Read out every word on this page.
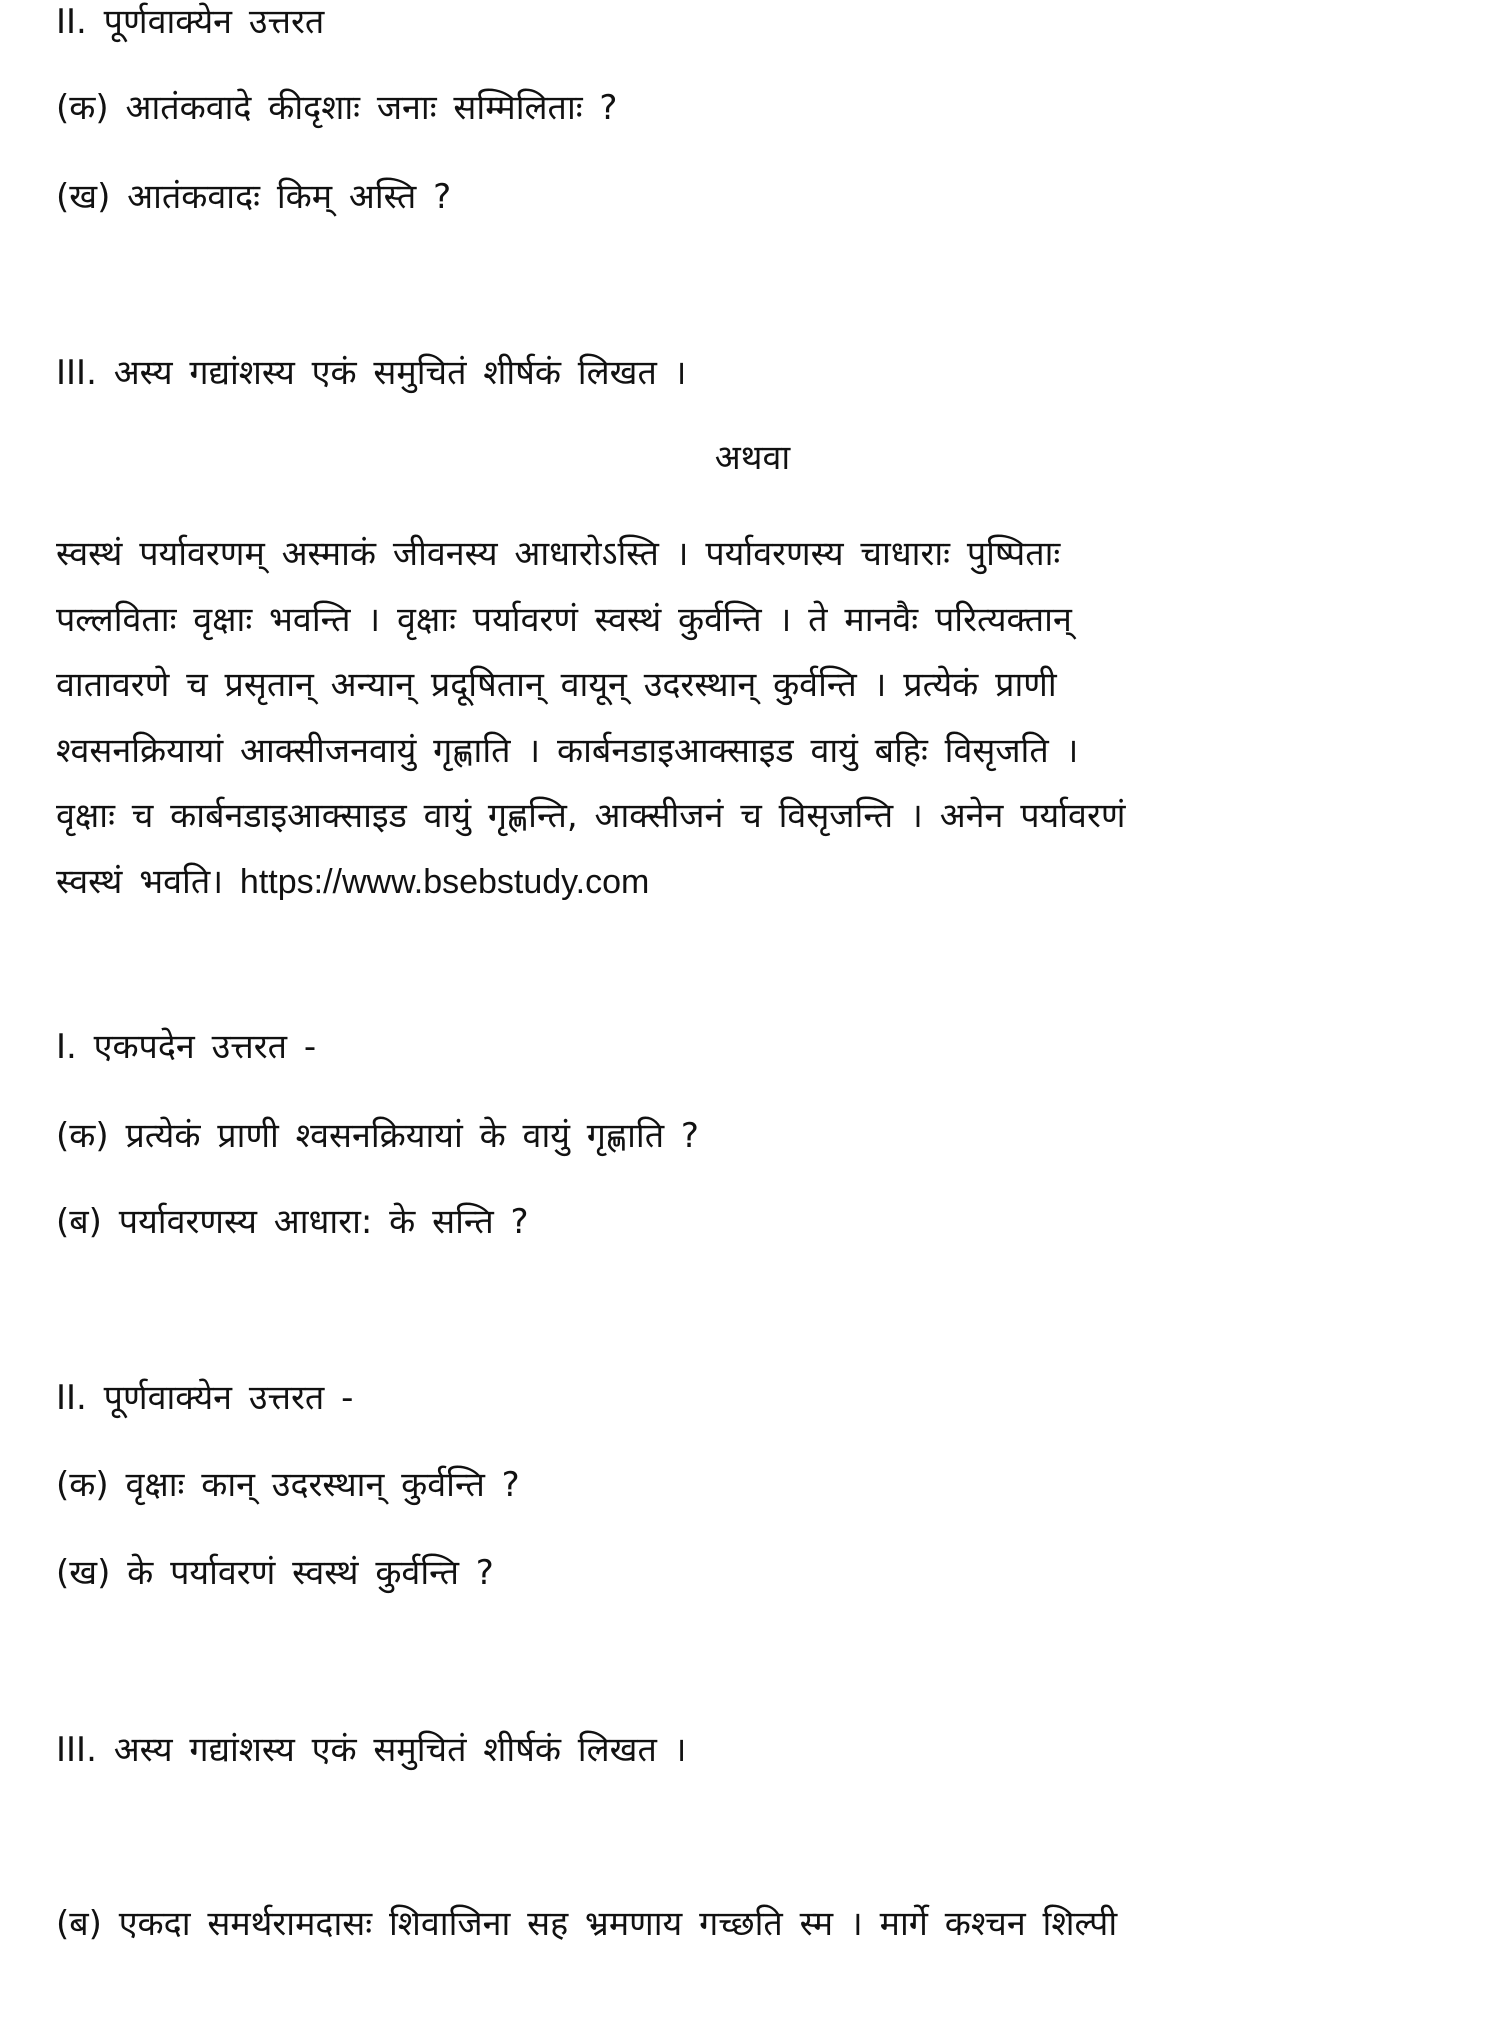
II. पूर्णवाक्येन उत्तरत
(क) आतंकवादे कीदृशाः जनाः सम्मिलिताः ?
(ख) आतंकवादः किम् अस्ति ?
III. अस्य गद्यांशस्य एकं समुचितं शीर्षकं लिखत ।
अथवा
स्वस्थं पर्यावरणम् अस्माकं जीवनस्य आधारोऽस्ति । पर्यावरणस्य चाधाराः पुष्पिताः
पल्लविताः वृक्षाः भवन्ति । वृक्षाः पर्यावरणं स्वस्थं कुर्वन्ति । ते मानवैः परित्यक्तान्
वातावरणे च प्रसृतान् अन्यान् प्रदूषितान् वायून् उदरस्थान् कुर्वन्ति । प्रत्येकं प्राणी
श्वसनक्रियायां आक्सीजनवायुं गृह्णाति । कार्बनडाइआक्साइड वायुं बहिः विसृजति ।
वृक्षाः च कार्बनडाइआक्साइड वायुं गृह्णन्ति, आक्सीजनं च विसृजन्ति । अनेन पर्यावरणं
स्वस्थं भवति। https://www.bsebstudy.com
I. एकपदेन उत्तरत -
(क) प्रत्येकं प्राणी श्वसनक्रियायां के वायुं गृह्णाति ?
(ब) पर्यावरणस्य आधारा: के सन्ति ?
II. पूर्णवाक्येन उत्तरत -
(क) वृक्षाः कान् उदरस्थान् कुर्वन्ति ?
(ख) के पर्यावरणं स्वस्थं कुर्वन्ति ?
III. अस्य गद्यांशस्य एकं समुचितं शीर्षकं लिखत ।
(ब) एकदा समर्थरामदासः शिवाजिना सह भ्रमणाय गच्छति स्म । मार्गे कश्चन शिल्पी
